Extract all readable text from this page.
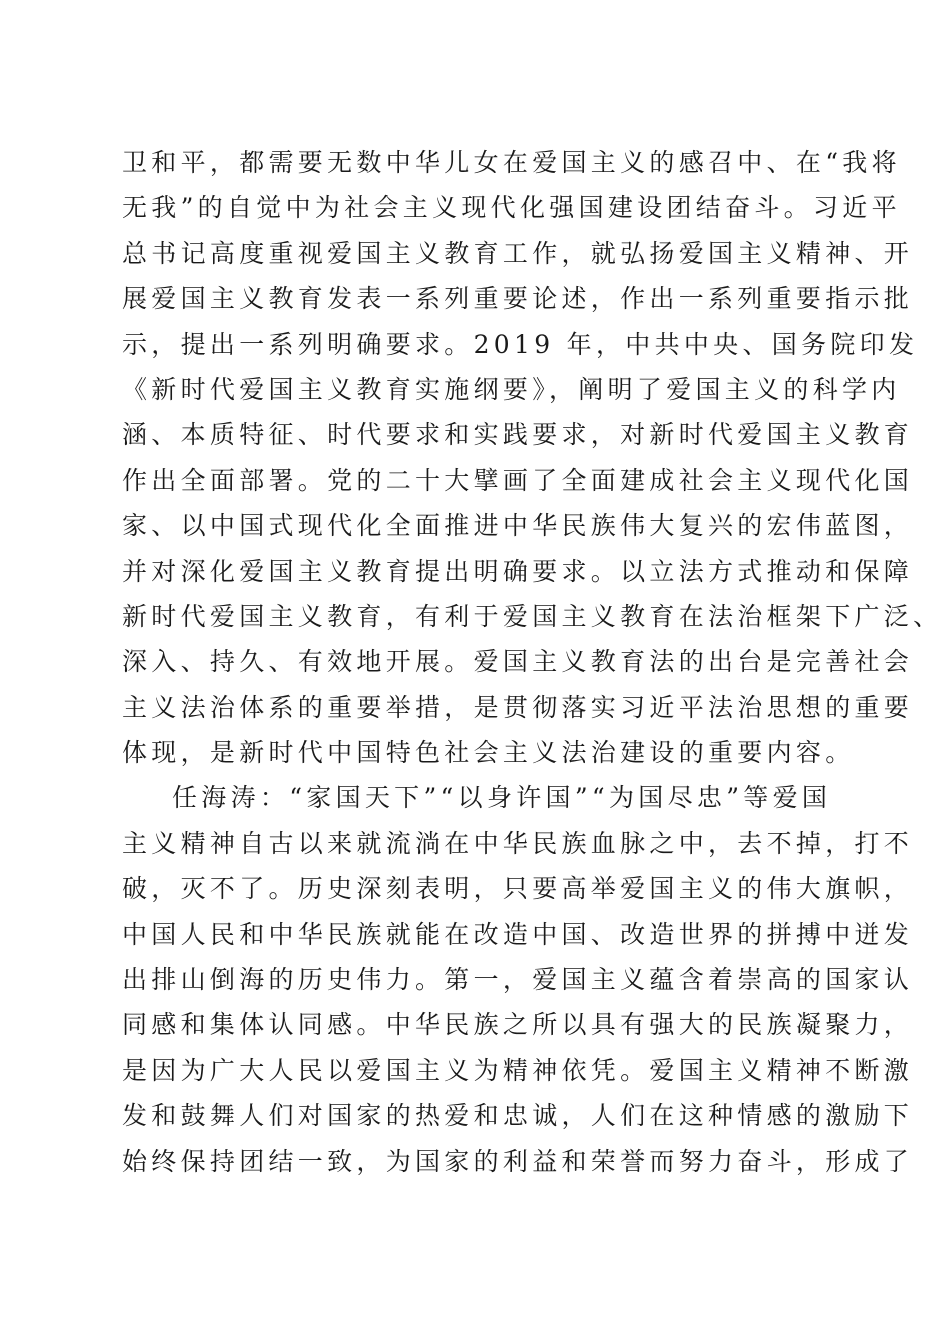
卫和平，都需要无数中华儿女在爱国主义的感召中、在“我将
无我”的自觉中为社会主义现代化强国建设团结奋斗。习近平
总书记高度重视爱国主义教育工作，就弘扬爱国主义精神、开
展爱国主义教育发表一系列重要论述，作出一系列重要指示批
示，提出一系列明确要求。2019 年，中共中央、国务院印发
《新时代爱国主义教育实施纲要》，阐明了爱国主义的科学内
涵、本质特征、时代要求和实践要求，对新时代爱国主义教育
作出全面部署。党的二十大擘画了全面建成社会主义现代化国
家、以中国式现代化全面推进中华民族伟大复兴的宏伟蓝图，
并对深化爱国主义教育提出明确要求。以立法方式推动和保障
新时代爱国主义教育，有利于爱国主义教育在法治框架下广泛、
深入、持久、有效地开展。爱国主义教育法的出台是完善社会
主义法治体系的重要举措，是贯彻落实习近平法治思想的重要
体现，是新时代中国特色社会主义法治建设的重要内容。
任海涛：“家国天下”“以身许国”“为国尽忠”等爱国
主义精神自古以来就流淌在中华民族血脉之中，去不掉，打不
破，灭不了。历史深刻表明，只要高举爱国主义的伟大旗帜，
中国人民和中华民族就能在改造中国、改造世界的拼搏中迸发
出排山倒海的历史伟力。第一，爱国主义蕴含着崇高的国家认
同感和集体认同感。中华民族之所以具有强大的民族凝聚力，
是因为广大人民以爱国主义为精神依凭。爱国主义精神不断激
发和鼓舞人们对国家的热爱和忠诚，人们在这种情感的激励下
始终保持团结一致，为国家的利益和荣誉而努力奋斗，形成了
